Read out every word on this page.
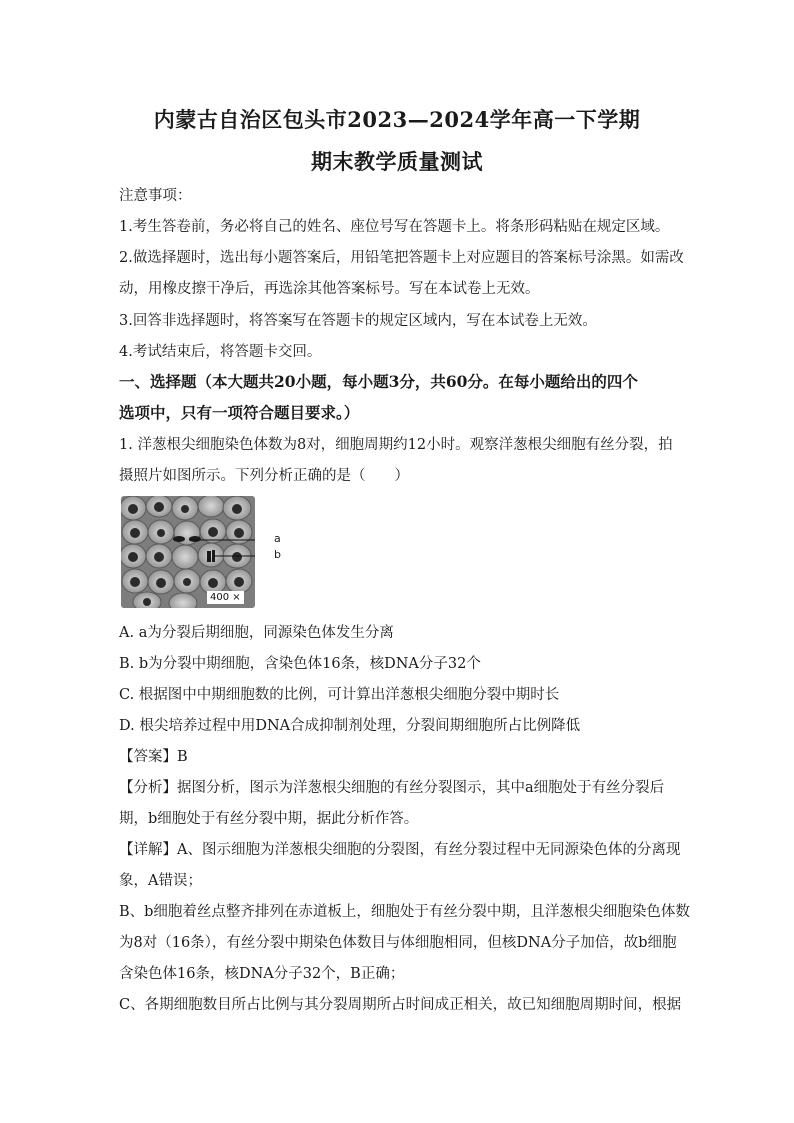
内蒙古自治区包头市2023—2024学年高一下学期
期末教学质量测试
注意事项：
1.考生答卷前，务必将自己的姓名、座位号写在答题卡上。将条形码粘贴在规定区域。
2.做选择题时，选出每小题答案后，用铅笔把答题卡上对应题目的答案标号涂黑。如需改
动，用橡皮擦干净后，再选涂其他答案标号。写在本试卷上无效。
3.回答非选择题时，将答案写在答题卡的规定区域内，写在本试卷上无效。
4.考试结束后，将答题卡交回。
一、选择题（本大题共20小题，每小题3分，共60分。在每小题给出的四个
选项中，只有一项符合题目要求。）
1. 洋葱根尖细胞染色体数为8对，细胞周期约12小时。观察洋葱根尖细胞有丝分裂，拍
摄照片如图所示。下列分析正确的是（　　）
400 ×
a
b
A. a为分裂后期细胞，同源染色体发生分离
B. b为分裂中期细胞，含染色体16条，核DNA分子32个
C. 根据图中中期细胞数的比例，可计算出洋葱根尖细胞分裂中期时长
D. 根尖培养过程中用DNA合成抑制剂处理，分裂间期细胞所占比例降低
【答案】B
【分析】据图分析，图示为洋葱根尖细胞的有丝分裂图示，其中a细胞处于有丝分裂后
期，b细胞处于有丝分裂中期，据此分析作答。
【详解】A、图示细胞为洋葱根尖细胞的分裂图，有丝分裂过程中无同源染色体的分离现
象，A错误；
B、b细胞着丝点整齐排列在赤道板上，细胞处于有丝分裂中期，且洋葱根尖细胞染色体数
为8对（16条），有丝分裂中期染色体数目与体细胞相同，但核DNA分子加倍，故b细胞
含染色体16条，核DNA分子32个，B正确；
C、各期细胞数目所占比例与其分裂周期所占时间成正相关，故已知细胞周期时间，根据
